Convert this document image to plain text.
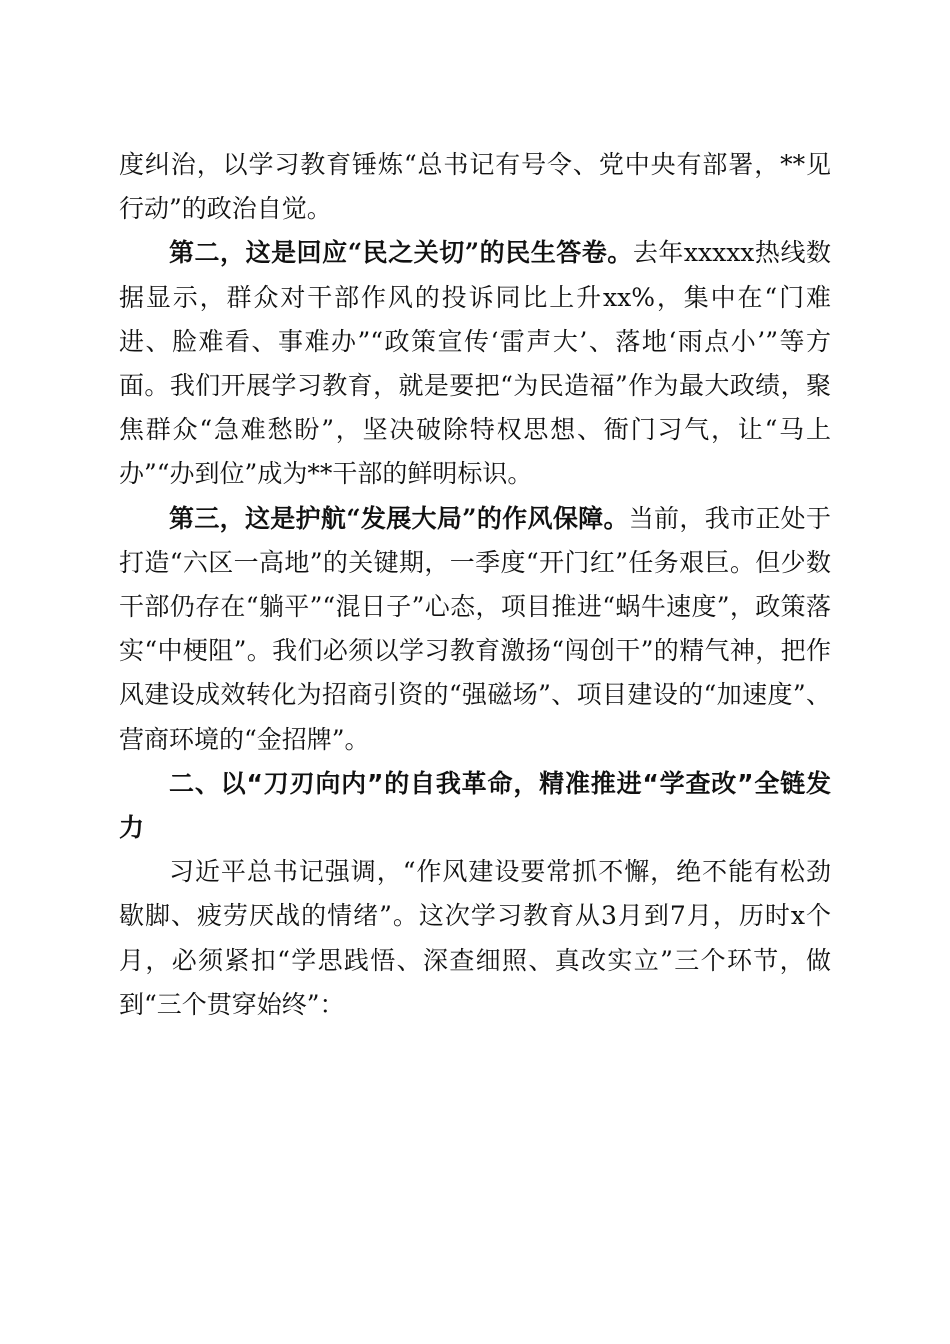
度纠治，以学习教育锤炼“总书记有号令、党中央有部署，**见行动”的政治自觉。

第二，这是回应“民之关切”的民生答卷。去年xxxxx热线数据显示，群众对干部作风的投诉同比上升xx%，集中在“门难进、脸难看、事难办”“政策宣传‘雷声大’、落地‘雨点小’”等方面。我们开展学习教育，就是要把“为民造福”作为最大政绩，聚焦群众“急难愁盼”，坚决破除特权思想、衙门习气，让“马上办”“办到位”成为**干部的鲜明标识。

第三，这是护航“发展大局”的作风保障。当前，我市正处于打造“六区一高地”的关键期，一季度“开门红”任务艰巨。但少数干部仍存在“躺平”“混日子”心态，项目推进“蜗牛速度”，政策落实“中梗阻”。我们必须以学习教育激扬“闯创干”的精气神，把作风建设成效转化为招商引资的“强磁场”、项目建设的“加速度”、营商环境的“金招牌”。

二、以“刀刃向内”的自我革命，精准推进“学查改”全链发力

习近平总书记强调，“作风建设要常抓不懈，绝不能有松劲歇脚、疲劳厌战的情绪”。这次学习教育从3月到7月，历时x个月，必须紧扣“学思践悟、深查细照、真改实立”三个环节，做到“三个贯穿始终”：
